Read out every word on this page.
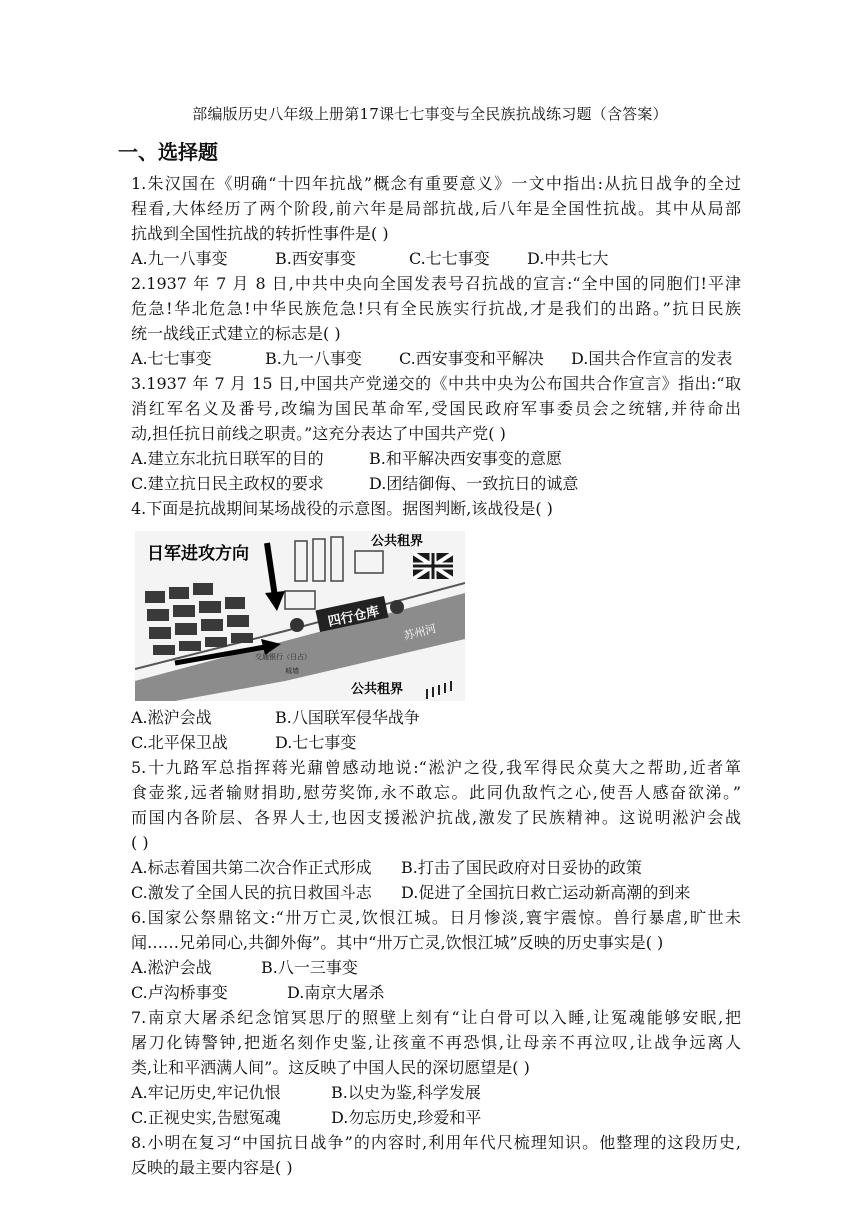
部编版历史八年级上册第17课七七事变与全民族抗战练习题（含答案）
一、选择题
1.朱汉国在《明确“十四年抗战”概念有重要意义》一文中指出:从抗日战争的全过
程看,大体经历了两个阶段,前六年是局部抗战,后八年是全国性抗战。其中从局部
抗战到全国性抗战的转折性事件是( )
A.九一八事变	B.西安事变	C.七七事变 D.中共七大
2.1937 年 7 月 8 日,中共中央向全国发表号召抗战的宣言:“全中国的同胞们!平津
危急!华北危急!中华民族危急!只有全民族实行抗战,才是我们的出路。”抗日民族
统一战线正式建立的标志是( )
A.七七事变	B.九一八事变 C.西安事变和平解决 D.国共合作宣言的发表
3.1937 年 7 月 15 日,中国共产党递交的《中共中央为公布国共合作宣言》指出:“取
消红军名义及番号,改编为国民革命军,受国民政府军事委员会之统辖,并待命出
动,担任抗日前线之职责。”这充分表达了中国共产党( )
A.建立东北抗日联军的目的	B.和平解决西安事变的意愿
C.建立抗日民主政权的要求	D.团结御侮、一致抗日的诚意
4.下面是抗战期间某场战役的示意图。据图判断,该战役是( )
日军进攻方向
四行仓库
交通银行（日占）
城墙
苏州河
公共租界
公共租界
A.淞沪会战	B.八国联军侵华战争
C.北平保卫战	D.七七事变
5.十九路军总指挥蒋光鼐曾感动地说:“淞沪之役,我军得民众莫大之帮助,近者箪
食壶浆,远者输财捐助,慰劳奖饰,永不敢忘。此同仇敌忾之心,使吾人感奋欲涕。”
而国内各阶层、各界人士,也因支援淞沪抗战,激发了民族精神。这说明淞沪会战
( )
A.标志着国共第二次合作正式形成 B.打击了国民政府对日妥协的政策
C.激发了全国人民的抗日救国斗志 D.促进了全国抗日救亡运动新高潮的到来
6.国家公祭鼎铭文:“卅万亡灵,饮恨江城。日月惨淡,寰宇震惊。兽行暴虐,旷世未
闻……兄弟同心,共御外侮”。其中“卅万亡灵,饮恨江城”反映的历史事实是( )
A.淞沪会战	B.八一三事变
C.卢沟桥事变	D.南京大屠杀
7.南京大屠杀纪念馆冥思厅的照壁上刻有“让白骨可以入睡,让冤魂能够安眠,把
屠刀化铸警钟,把逝名刻作史鉴,让孩童不再恐惧,让母亲不再泣叹,让战争远离人
类,让和平洒满人间”。这反映了中国人民的深切愿望是( )
A.牢记历史,牢记仇恨	B.以史为鉴,科学发展
C.正视史实,告慰冤魂	D.勿忘历史,珍爱和平
8.小明在复习“中国抗日战争”的内容时,利用年代尺梳理知识。他整理的这段历史,
反映的最主要内容是( )
